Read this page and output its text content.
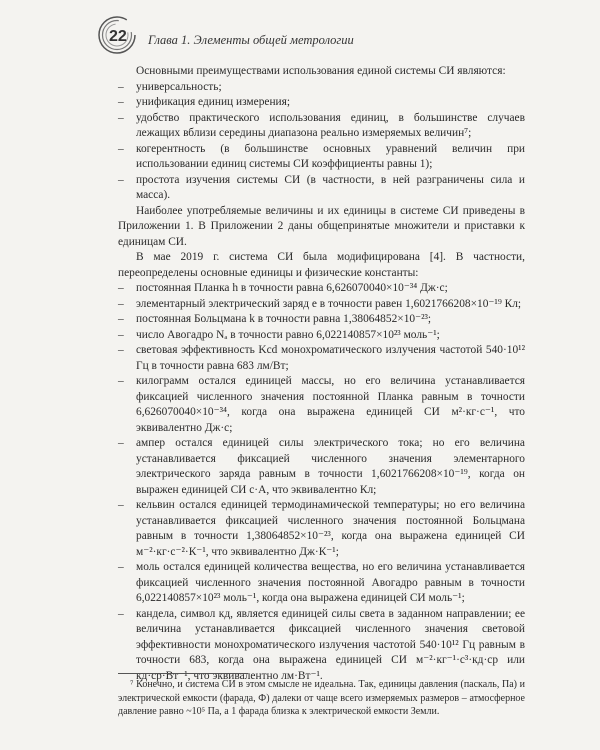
22 Глава 1. Элементы общей метрологии

Основными преимуществами использования единой системы СИ являются:

– универсальность;
– унификация единиц измерения;
– удобство практического использования единиц, в большинстве случаев лежащих вблизи середины диапазона реально измеряемых величин⁷;
– когерентность (в большинстве основных уравнений величин при использовании единиц системы СИ коэффициенты равны 1);
– простота изучения системы СИ (в частности, в ней разграничены сила и масса).

Наиболее употребляемые величины и их единицы в системе СИ приведены в Приложении 1. В Приложении 2 даны общепринятые множители и приставки к единицам СИ.

В мае 2019 г. система СИ была модифицирована [4]. В частности, переопределены основные единицы и физические константы:

– постоянная Планка h в точности равна 6,626070040×10⁻³⁴ Дж·с;
– элементарный электрический заряд e в точности равен 1,6021766208×10⁻¹⁹ Кл;
– постоянная Больцмана k в точности равна 1,38064852×10⁻²³;
– число Авогадро Nₐ в точности равно 6,022140857×10²³ моль⁻¹;
– световая эффективность Kcd монохроматического излучения частотой 540·10¹² Гц в точности равна 683 лм/Вт;
– килограмм остался единицей массы, но его величина устанавливается фиксацией численного значения постоянной Планка равным в точности 6,626070040×10⁻³⁴, когда она выражена единицей СИ м²·кг·с⁻¹, что эквивалентно Дж·с;
– ампер остался единицей силы электрического тока; но его величина устанавливается фиксацией численного значения элементарного электрического заряда равным в точности 1,6021766208×10⁻¹⁹, когда он выражен единицей СИ с·А, что эквивалентно Кл;
– кельвин остался единицей термодинамической температуры; но его величина устанавливается фиксацией численного значения постоянной Больцмана равным в точности 1,38064852×10⁻²³, когда она выражена единицей СИ м⁻²·кг·с⁻²·К⁻¹, что эквивалентно Дж·К⁻¹;
– моль остался единицей количества вещества, но его величина устанавливается фиксацией численного значения постоянной Авогадро равным в точности 6,022140857×10²³ моль⁻¹, когда она выражена единицей СИ моль⁻¹;
– кандела, символ кд, является единицей силы света в заданном направлении; ее величина устанавливается фиксацией численного значения световой эффективности монохроматического излучения частотой 540·10¹² Гц равным в точности 683, когда она выражена единицей СИ м⁻²·кг⁻¹·с³·кд·ср или кд·ср·Вт⁻¹, что эквивалентно лм·Вт⁻¹.

⁷ Конечно, и система СИ в этом смысле не идеальна. Так, единицы давления (паскаль, Па) и электрической емкости (фарада, Ф) далеки от чаще всего измеряемых размеров – атмосферное давление равно ~10⁵ Па, а 1 фарада близка к электрической емкости Земли.
